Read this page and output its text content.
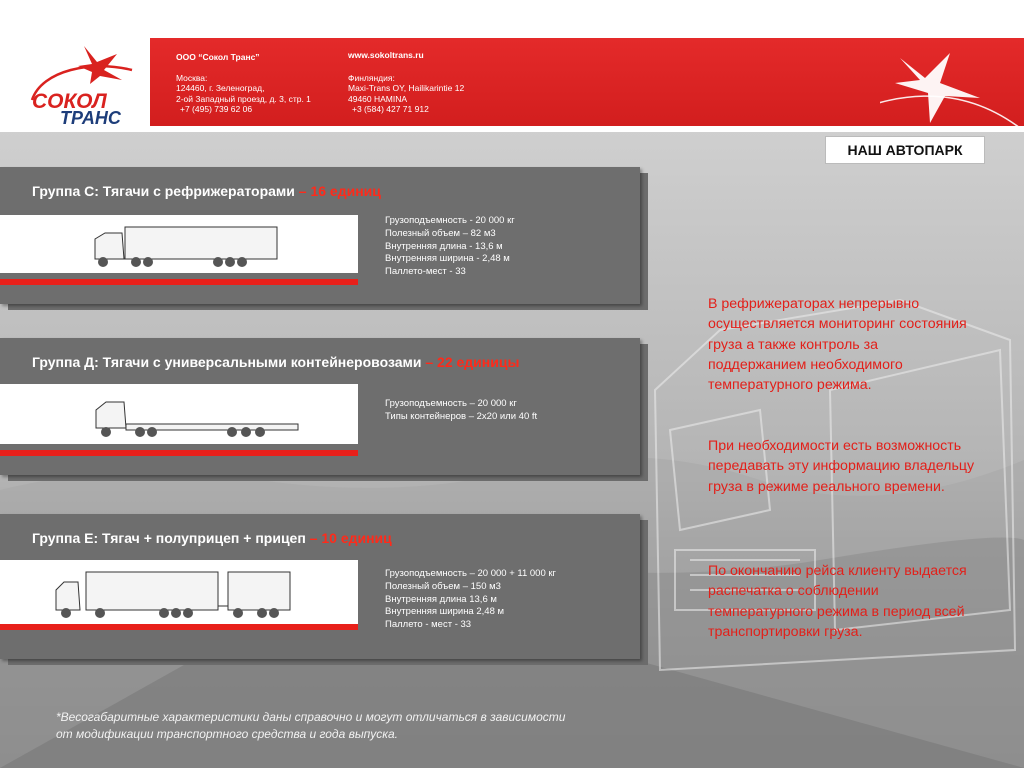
СОКОЛ
ТРАНС
ООО “Сокол Транс”
Москва:
124460, г. Зеленоград,
2-ой Западный проезд, д. 3, стр. 1
+7 (495) 739 62 06
www.sokoltrans.ru
Финляндия:
Maxi-Trans OY, Hailikarintie 12
49460 HAMINA
+3 (584) 427 71 912
НАШ АВТОПАРК
Группа С: Тягачи с рефрижераторами – 16 единиц
Грузоподъемность - 20 000 кг
Полезный объем – 82 м3
Внутренняя длина - 13,6 м
Внутренняя ширина - 2,48 м
Паллето-мест - 33
Группа Д: Тягачи с универсальными контейнеровозами – 22 единицы
Грузоподъемность – 20 000 кг
Типы контейнеров – 2х20 или 40 ft
Группа Е: Тягач + полуприцеп + прицеп – 10 единиц
Грузоподъемность – 20 000 + 11 000 кг
Полезный объем – 150 м3
Внутренняя длина 13,6 м
Внутренняя ширина 2,48 м
Паллето - мест - 33
В рефрижераторах непрерывно осуществляется мониторинг состояния груза а также контроль за поддержанием необходимого температурного режима.
При необходимости есть возможность передавать эту информацию владельцу груза в режиме реального времени.
По окончанию рейса клиенту выдается распечатка о соблюдении температурного режима в период всей транспортировки груза.
*Весогабаритные характеристики даны справочно и могут отличаться в зависимости
от модификации транспортного средства и года выпуска.
